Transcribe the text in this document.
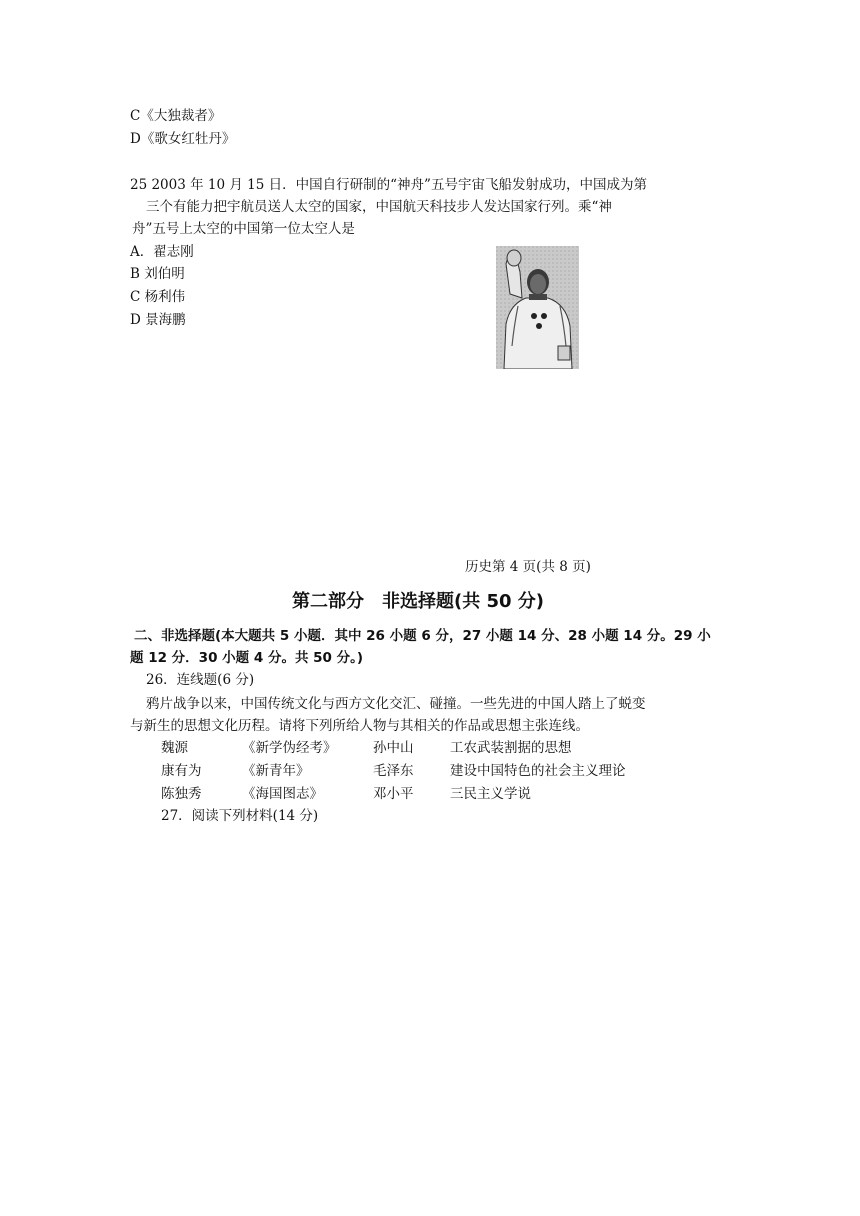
C《大独裁者》
D《歌女红牡丹》
25 2003 年 10 月 15 日．中国自行研制的“神舟”五号宇宙飞船发射成功，中国成为第
三个有能力把宇航员送人太空的国家，中国航天科技步人发达国家行列。乘“神
舟”五号上太空的中国第一位太空人是
A．翟志刚
B 刘伯明
C 杨利伟
D 景海鹏
历史第 4 页(共 8 页)
第二部分　非选择题(共 50 分)
二、非选择题(本大题共 5 小题．其中 26 小题 6 分，27 小题 14 分、28 小题 14 分。29 小
题 12 分．30 小题 4 分。共 50 分。)
26．连线题(6 分)
鸦片战争以来，中国传统文化与西方文化交汇、碰撞。一些先进的中国人踏上了蜕变
与新生的思想文化历程。请将下列所给人物与其相关的作品或思想主张连线。
魏源	《新学伪经考》	孙中山	工农武装割据的思想
康有为	《新青年》	毛泽东	建设中国特色的社会主义理论
陈独秀	《海国图志》	邓小平	三民主义学说
27．阅读下列材料(14 分)
